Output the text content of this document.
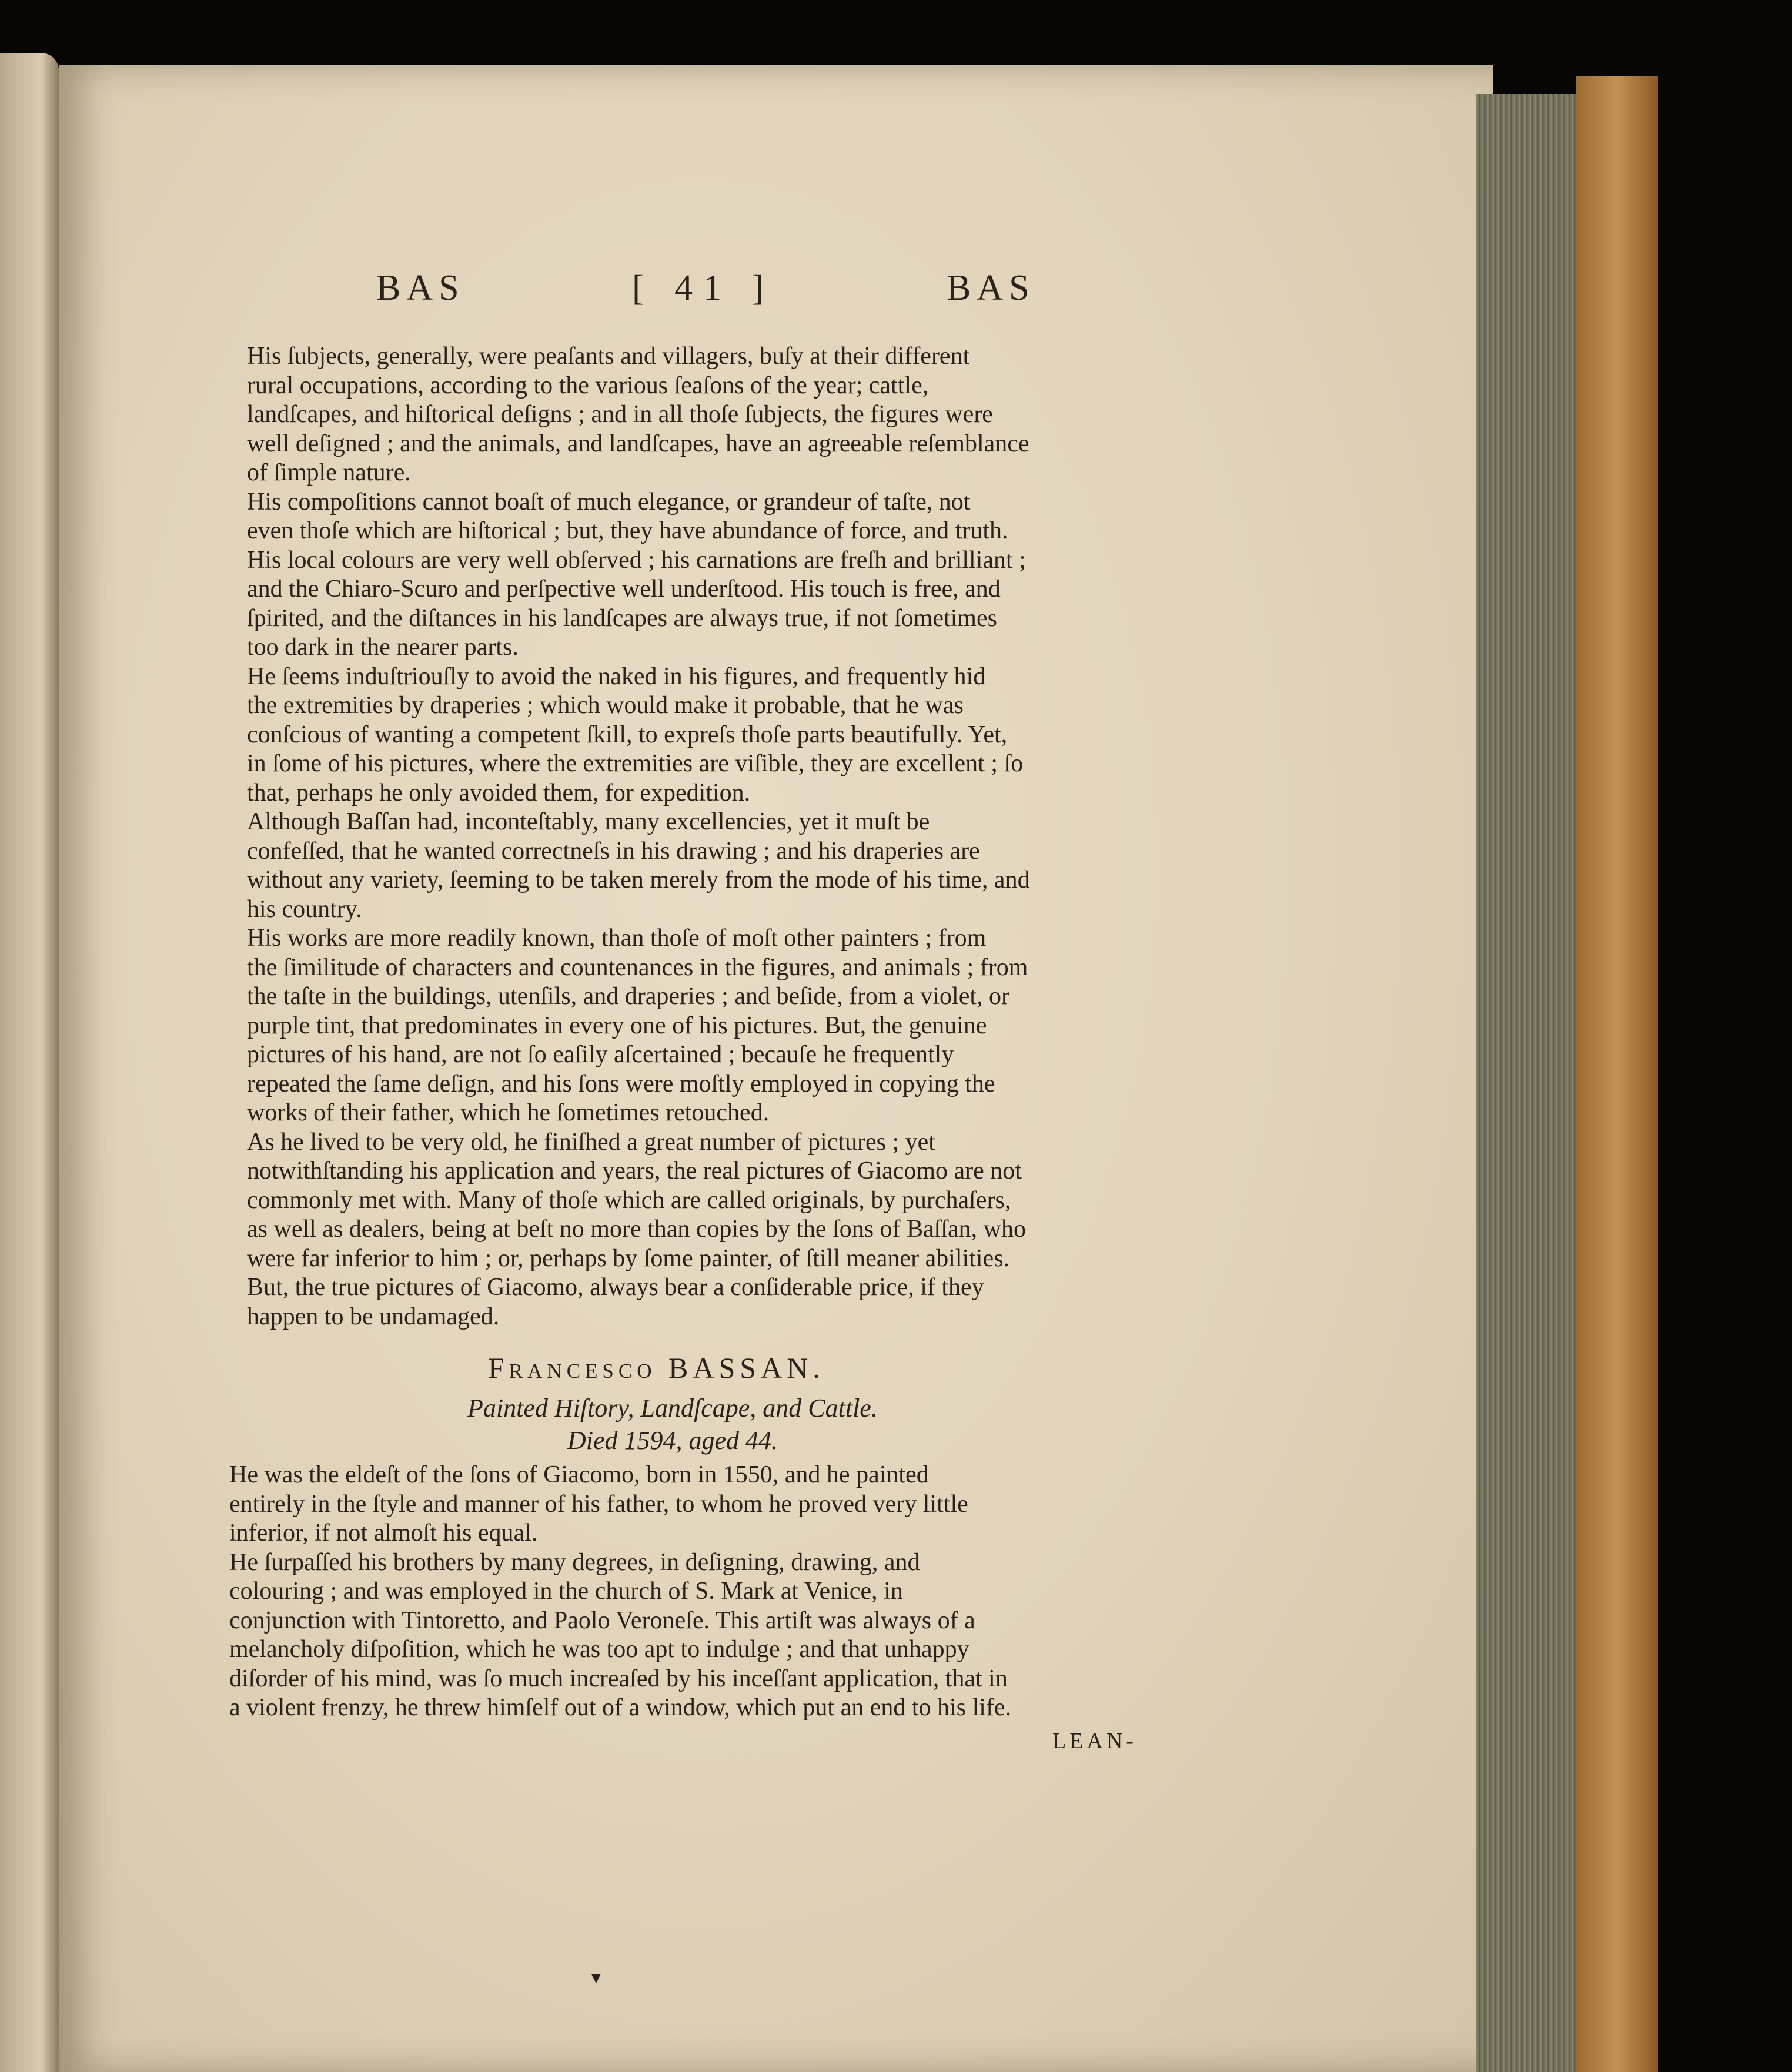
BAS	[ 41 ]	BAS
His ſubjects, generally, were peaſants and villagers, buſy at their different
rural occupations, according to the various ſeaſons of the year; cattle,
landſcapes, and hiſtorical deſigns ; and in all thoſe ſubjects, the figures were
well deſigned ; and the animals, and landſcapes, have an agreeable reſemblance
of ſimple nature.
His compoſitions cannot boaſt of much elegance, or grandeur of taſte, not
even thoſe which are hiſtorical ; but, they have abundance of force, and truth.
His local colours are very well obſerved ; his carnations are freſh and brilliant ;
and the Chiaro-Scuro and perſpective well underſtood. His touch is free, and
ſpirited, and the diſtances in his landſcapes are always true, if not ſometimes
too dark in the nearer parts.
He ſeems induſtriouſly to avoid the naked in his figures, and frequently hid
the extremities by draperies ; which would make it probable, that he was
conſcious of wanting a competent ſkill, to expreſs thoſe parts beautifully. Yet,
in ſome of his pictures, where the extremities are viſible, they are excellent ; ſo
that, perhaps he only avoided them, for expedition.
Although Baſſan had, inconteſtably, many excellencies, yet it muſt be
confeſſed, that he wanted correctneſs in his drawing ; and his draperies are
without any variety, ſeeming to be taken merely from the mode of his time, and
his country.
His works are more readily known, than thoſe of moſt other painters ; from
the ſimilitude of characters and countenances in the figures, and animals ; from
the taſte in the buildings, utenſils, and draperies ; and beſide, from a violet, or
purple tint, that predominates in every one of his pictures. But, the genuine
pictures of his hand, are not ſo eaſily aſcertained ; becauſe he frequently
repeated the ſame deſign, and his ſons were moſtly employed in copying the
works of their father, which he ſometimes retouched.
As he lived to be very old, he finiſhed a great number of pictures ; yet
notwithſtanding his application and years, the real pictures of Giacomo are not
commonly met with. Many of thoſe which are called originals, by purchaſers,
as well as dealers, being at beſt no more than copies by the ſons of Baſſan, who
were far inferior to him ; or, perhaps by ſome painter, of ſtill meaner abilities.
But, the true pictures of Giacomo, always bear a conſiderable price, if they
happen to be undamaged.
Francesco BASSAN.
Painted Hiſtory, Landſcape, and Cattle.
Died 1594, aged 44.
He was the eldeſt of the ſons of Giacomo, born in 1550, and he painted
entirely in the ſtyle and manner of his father, to whom he proved very little
inferior, if not almoſt his equal.
He ſurpaſſed his brothers by many degrees, in deſigning, drawing, and
colouring ; and was employed in the church of S. Mark at Venice, in
conjunction with Tintoretto, and Paolo Veroneſe. This artiſt was always of a
melancholy diſpoſition, which he was too apt to indulge ; and that unhappy
diſorder of his mind, was ſo much increaſed by his inceſſant application, that in
a violent frenzy, he threw himſelf out of a window, which put an end to his life.
LEAN-
▼
